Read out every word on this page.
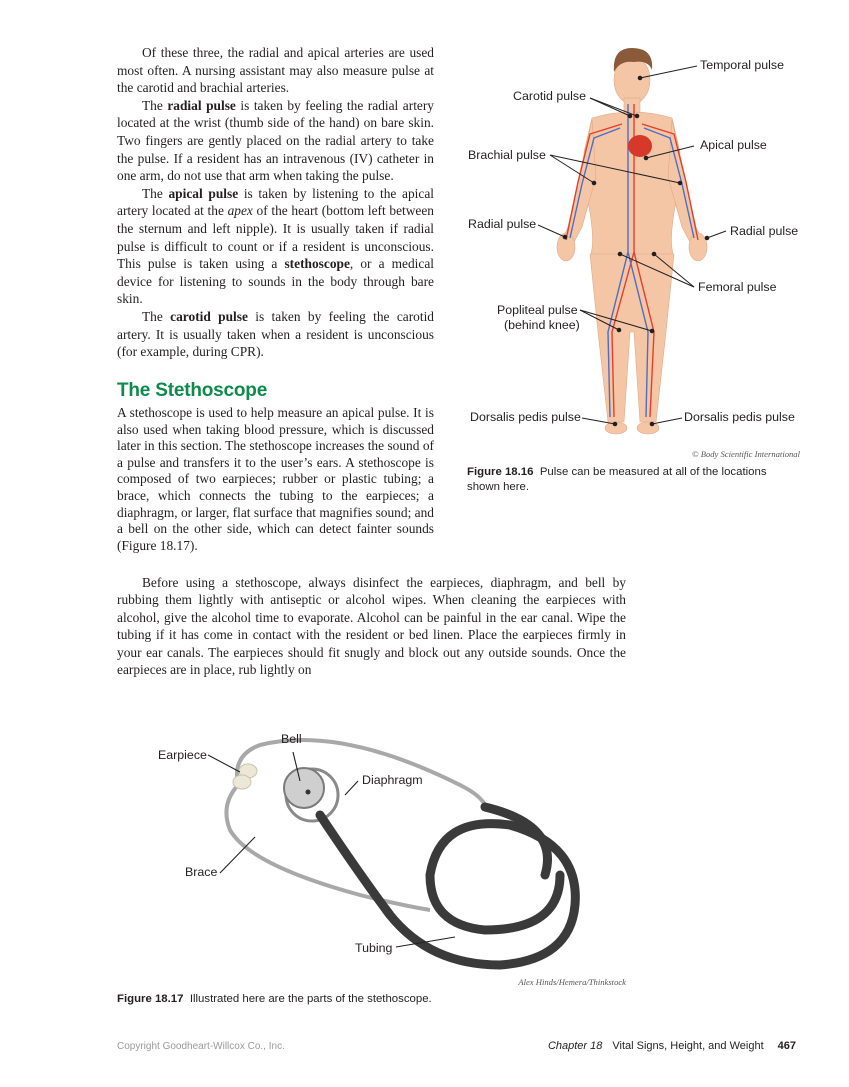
Of these three, the radial and apical arteries are used most often. A nursing assistant may also measure pulse at the carotid and brachial arteries.

The radial pulse is taken by feeling the radial artery located at the wrist (thumb side of the hand) on bare skin. Two fingers are gently placed on the radial artery to take the pulse. If a resident has an intravenous (IV) catheter in one arm, do not use that arm when taking the pulse.

The apical pulse is taken by listening to the apical artery located at the apex of the heart (bottom left between the sternum and left nipple). It is usually taken if radial pulse is difficult to count or if a resident is unconscious. This pulse is taken using a stethoscope, or a medical device for listening to sounds in the body through bare skin.

The carotid pulse is taken by feeling the carotid artery. It is usually taken when a resident is unconscious (for example, during CPR).

The Stethoscope

A stethoscope is used to help measure an apical pulse. It is also used when taking blood pressure, which is discussed later in this section. The stethoscope increases the sound of a pulse and transfers it to the user’s ears. A stethoscope is composed of two earpieces; rubber or plastic tubing; a brace, which connects the tubing to the earpieces; a diaphragm, or larger, flat surface that magnifies sound; and a bell on the other side, which can detect fainter sounds (Figure 18.17).

Before using a stethoscope, always disinfect the earpieces, diaphragm, and bell by rubbing them lightly with antiseptic or alcohol wipes. When cleaning the earpieces with alcohol, give the alcohol time to evaporate. Alcohol can be painful in the ear canal. Wipe the tubing if it has come in contact with the resident or bed linen. Place the earpieces firmly in your ear canals. The earpieces should fit snugly and block out any outside sounds. Once the earpieces are in place, rub lightly on

Temporal pulse
Carotid pulse
Apical pulse
Brachial pulse
Radial pulse	Radial pulse
Femoral pulse
Popliteal pulse
(behind knee)
Dorsalis pedis pulse	Dorsalis pedis pulse
© Body Scientific International
Figure 18.16 Pulse can be measured at all of the locations shown here.
Earpiece
Bell
Diaphragm
Brace
Tubing
Alex Hinds/Hemera/Thinkstock
Figure 18.17 Illustrated here are the parts of the stethoscope.
Copyright Goodheart-Willcox Co., Inc.	Chapter 18 Vital Signs, Height, and Weight 467
